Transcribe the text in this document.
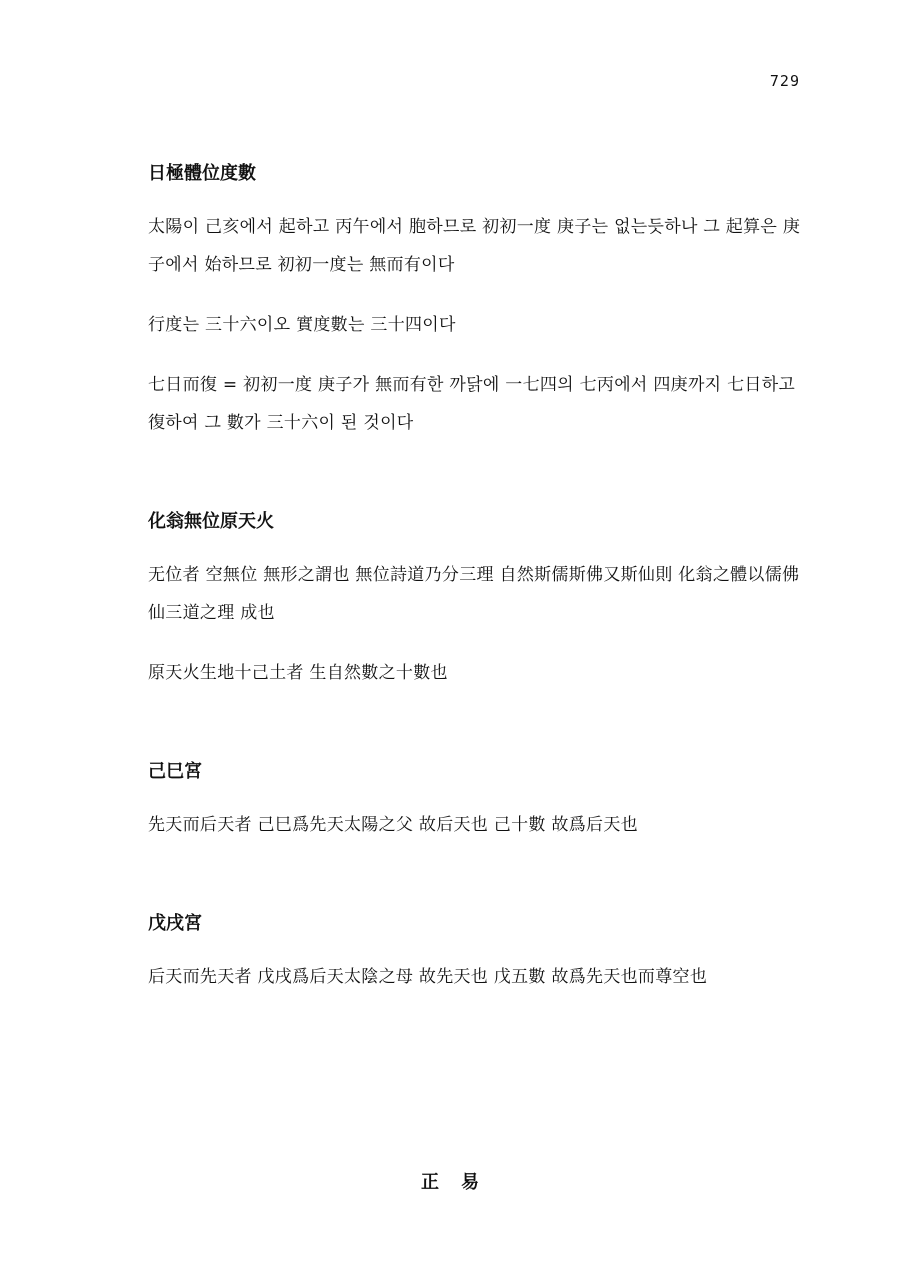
729
日極體位度數

太陽이 己亥에서 起하고 丙午에서 胞하므로 初初一度 庚子는 없는듯하나 그 起算은 庚子에서 始하므로 初初一度는 無而有이다

行度는 三十六이오 實度數는 三十四이다

七日而復 = 初初一度 庚子가 無而有한 까닭에 一七四의 七丙에서 四庚까지 七日하고 復하여 그 數가 三十六이 된 것이다

化翁無位原天火

无位者 空無位 無形之謂也 無位詩道乃分三理 自然斯儒斯佛又斯仙則 化翁之體以儒佛仙三道之理 成也

原天火生地十己土者 生自然數之十數也

己巳宮

先天而后天者 己巳爲先天太陽之父 故后天也 己十數 故爲后天也

戊戌宮

后天而先天者 戊戌爲后天太陰之母 故先天也 戊五數 故爲先天也而尊空也

正易
